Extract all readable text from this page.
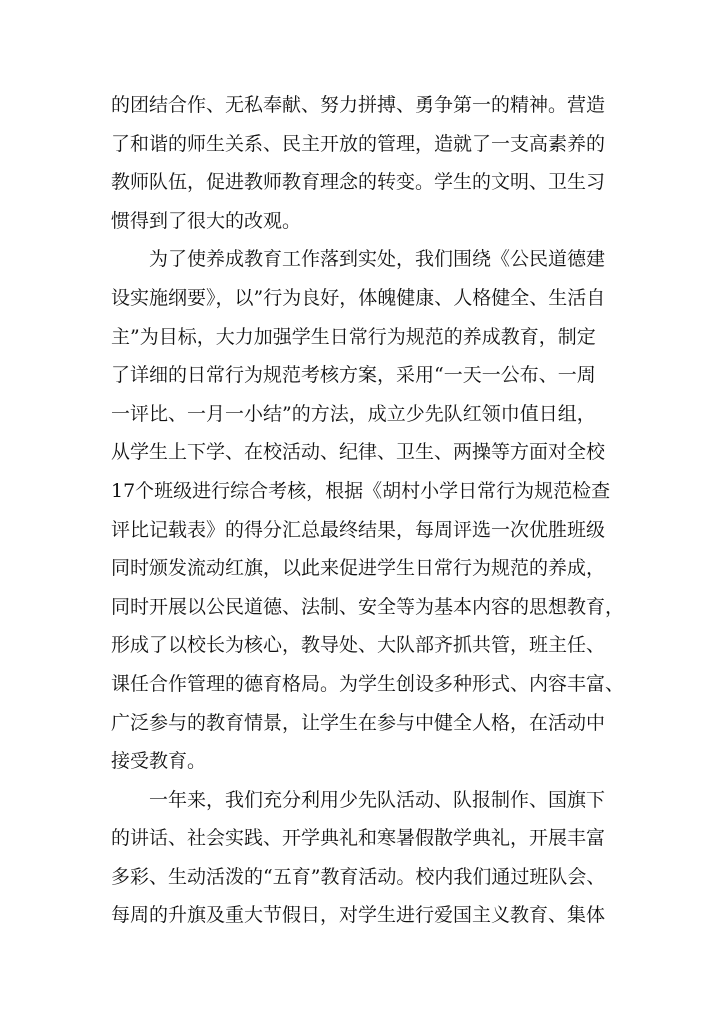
的团结合作、无私奉献、努力拼搏、勇争第一的精神。营造
了和谐的师生关系、民主开放的管理，造就了一支高素养的
教师队伍，促进教师教育理念的转变。学生的文明、卫生习
惯得到了很大的改观。
为了使养成教育工作落到实处，我们围绕《公民道德建
设实施纲要》，以”行为良好，体魄健康、人格健全、生活自
主”为目标，大力加强学生日常行为规范的养成教育，制定
了详细的日常行为规范考核方案，采用“一天一公布、一周
一评比、一月一小结”的方法，成立少先队红领巾值日组，
从学生上下学、在校活动、纪律、卫生、两操等方面对全校
17个班级进行综合考核，根据《胡村小学日常行为规范检查
评比记载表》的得分汇总最终结果，每周评选一次优胜班级
同时颁发流动红旗，以此来促进学生日常行为规范的养成，
同时开展以公民道德、法制、安全等为基本内容的思想教育，
形成了以校长为核心，教导处、大队部齐抓共管，班主任、
课任合作管理的德育格局。为学生创设多种形式、内容丰富、
广泛参与的教育情景，让学生在参与中健全人格，在活动中
接受教育。
一年来，我们充分利用少先队活动、队报制作、国旗下
的讲话、社会实践、开学典礼和寒暑假散学典礼，开展丰富
多彩、生动活泼的“五育”教育活动。校内我们通过班队会、
每周的升旗及重大节假日，对学生进行爱国主义教育、集体
